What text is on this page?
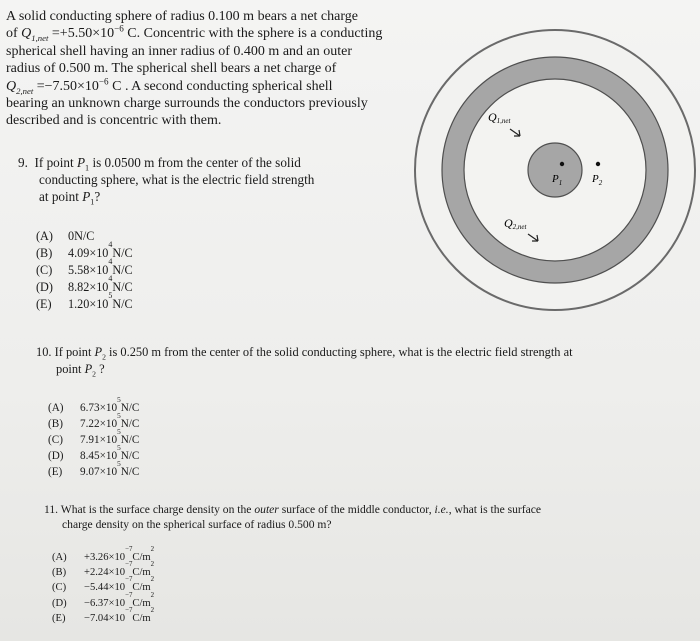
A solid conducting sphere of radius 0.100 m bears a net charge

of $Q_{1,net} =+5.50\times 10^{-6}$ C. Concentric with the sphere is a conducting

spherical shell having an inner radius of 0.400 m and an outer

radius of 0.500 m. The spherical shell bears a net charge of

$Q_{2,net} =-7.50\times 10^{-6}$ C . A second conducting spherical shell

bearing an unknown charge surrounds the conductors previously

described and is concentric with them.

$P_1$	$P_2$
Q1,net
Q2,net
9. If point $P_1$ is 0.0500 m from the center of the solid
conducting sphere, what is the electric field strength
at point $P_1$?
(A)	0 N/C
(B)	4.09×10
4
N/C
(C)	5.58×10
4
N/C
(D)	8.82×10
4
N/C
(E)	1.20×10
5
N/C
10. If point $P_2$ is 0.250 m from the center of the solid conducting sphere, what is the electric field strength at
point $P_2$ ?
(A)	6.73×10
5
N/C
(B)	7.22×10
5
N/C
(C)	7.91×10
5
N/C
(D)	8.45×10
5
N/C
(E)	9.07×10
5
N/C
11. What is the surface charge density on the outer surface of the middle conductor, i.e., what is the surface
charge density on the spherical surface of radius 0.500 m?
(A)	+3.26×10
−7
C/m
2
(B)	+2.24×10
−7
C/m
2
(C)	−5.44×10
−7
C/m
2
(D)	−6.37×10
−7
C/m
2
(E)	−7.04×10
−7
C/m
2
